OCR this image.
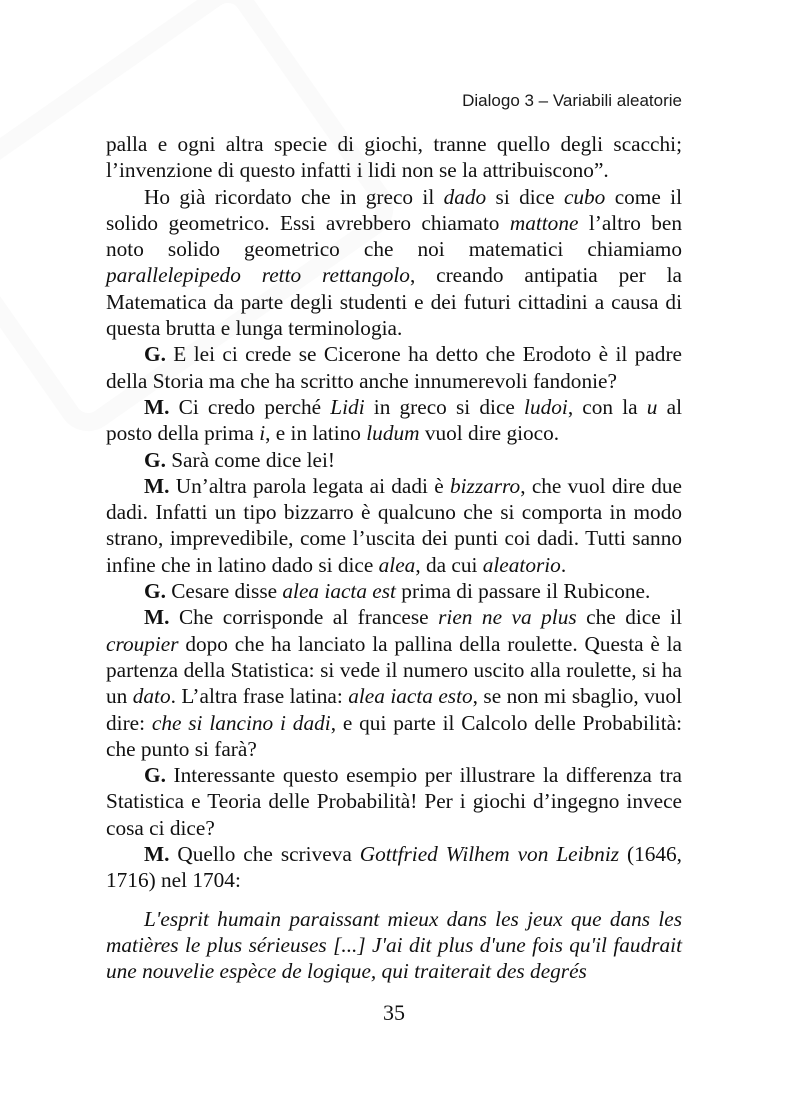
Dialogo 3 – Variabili aleatorie

palla e ogni altra specie di giochi, tranne quello degli scacchi; l’invenzione di questo infatti i lidi non se la attribuiscono”.

Ho già ricordato che in greco il dado si dice cubo come il solido geometrico. Essi avrebbero chiamato mattone l’altro ben noto solido geometrico che noi matematici chiamiamo parallelepipedo retto rettangolo, creando antipatia per la Matematica da parte degli studenti e dei futuri cittadini a causa di questa brutta e lunga terminologia.

G. E lei ci crede se Cicerone ha detto che Erodoto è il padre della Storia ma che ha scritto anche innumerevoli fandonie?

M. Ci credo perché Lidi in greco si dice ludoi, con la u al posto della prima i, e in latino ludum vuol dire gioco.

G. Sarà come dice lei!

M. Un’altra parola legata ai dadi è bizzarro, che vuol dire due dadi. Infatti un tipo bizzarro è qualcuno che si comporta in modo strano, imprevedibile, come l’uscita dei punti coi dadi. Tutti sanno infine che in latino dado si dice alea, da cui aleatorio.

G. Cesare disse alea iacta est prima di passare il Rubicone.

M. Che corrisponde al francese rien ne va plus che dice il croupier dopo che ha lanciato la pallina della roulette. Questa è la partenza della Statistica: si vede il numero uscito alla roulette, si ha un dato. L’altra frase latina: alea iacta esto, se non mi sbaglio, vuol dire: che si lancino i dadi, e qui parte il Calcolo delle Probabilità: che punto si farà?

G. Interessante questo esempio per illustrare la differenza tra Statistica e Teoria delle Probabilità! Per i giochi d’ingegno invece cosa ci dice?

M. Quello che scriveva Gottfried Wilhem von Leibniz (1646, 1716) nel 1704:

L'esprit humain paraissant mieux dans les jeux que dans les matières le plus sérieuses [...] J'ai dit plus d'une fois qu'il faudrait une nouvelie espèce de logique, qui traiterait des degrés

35
